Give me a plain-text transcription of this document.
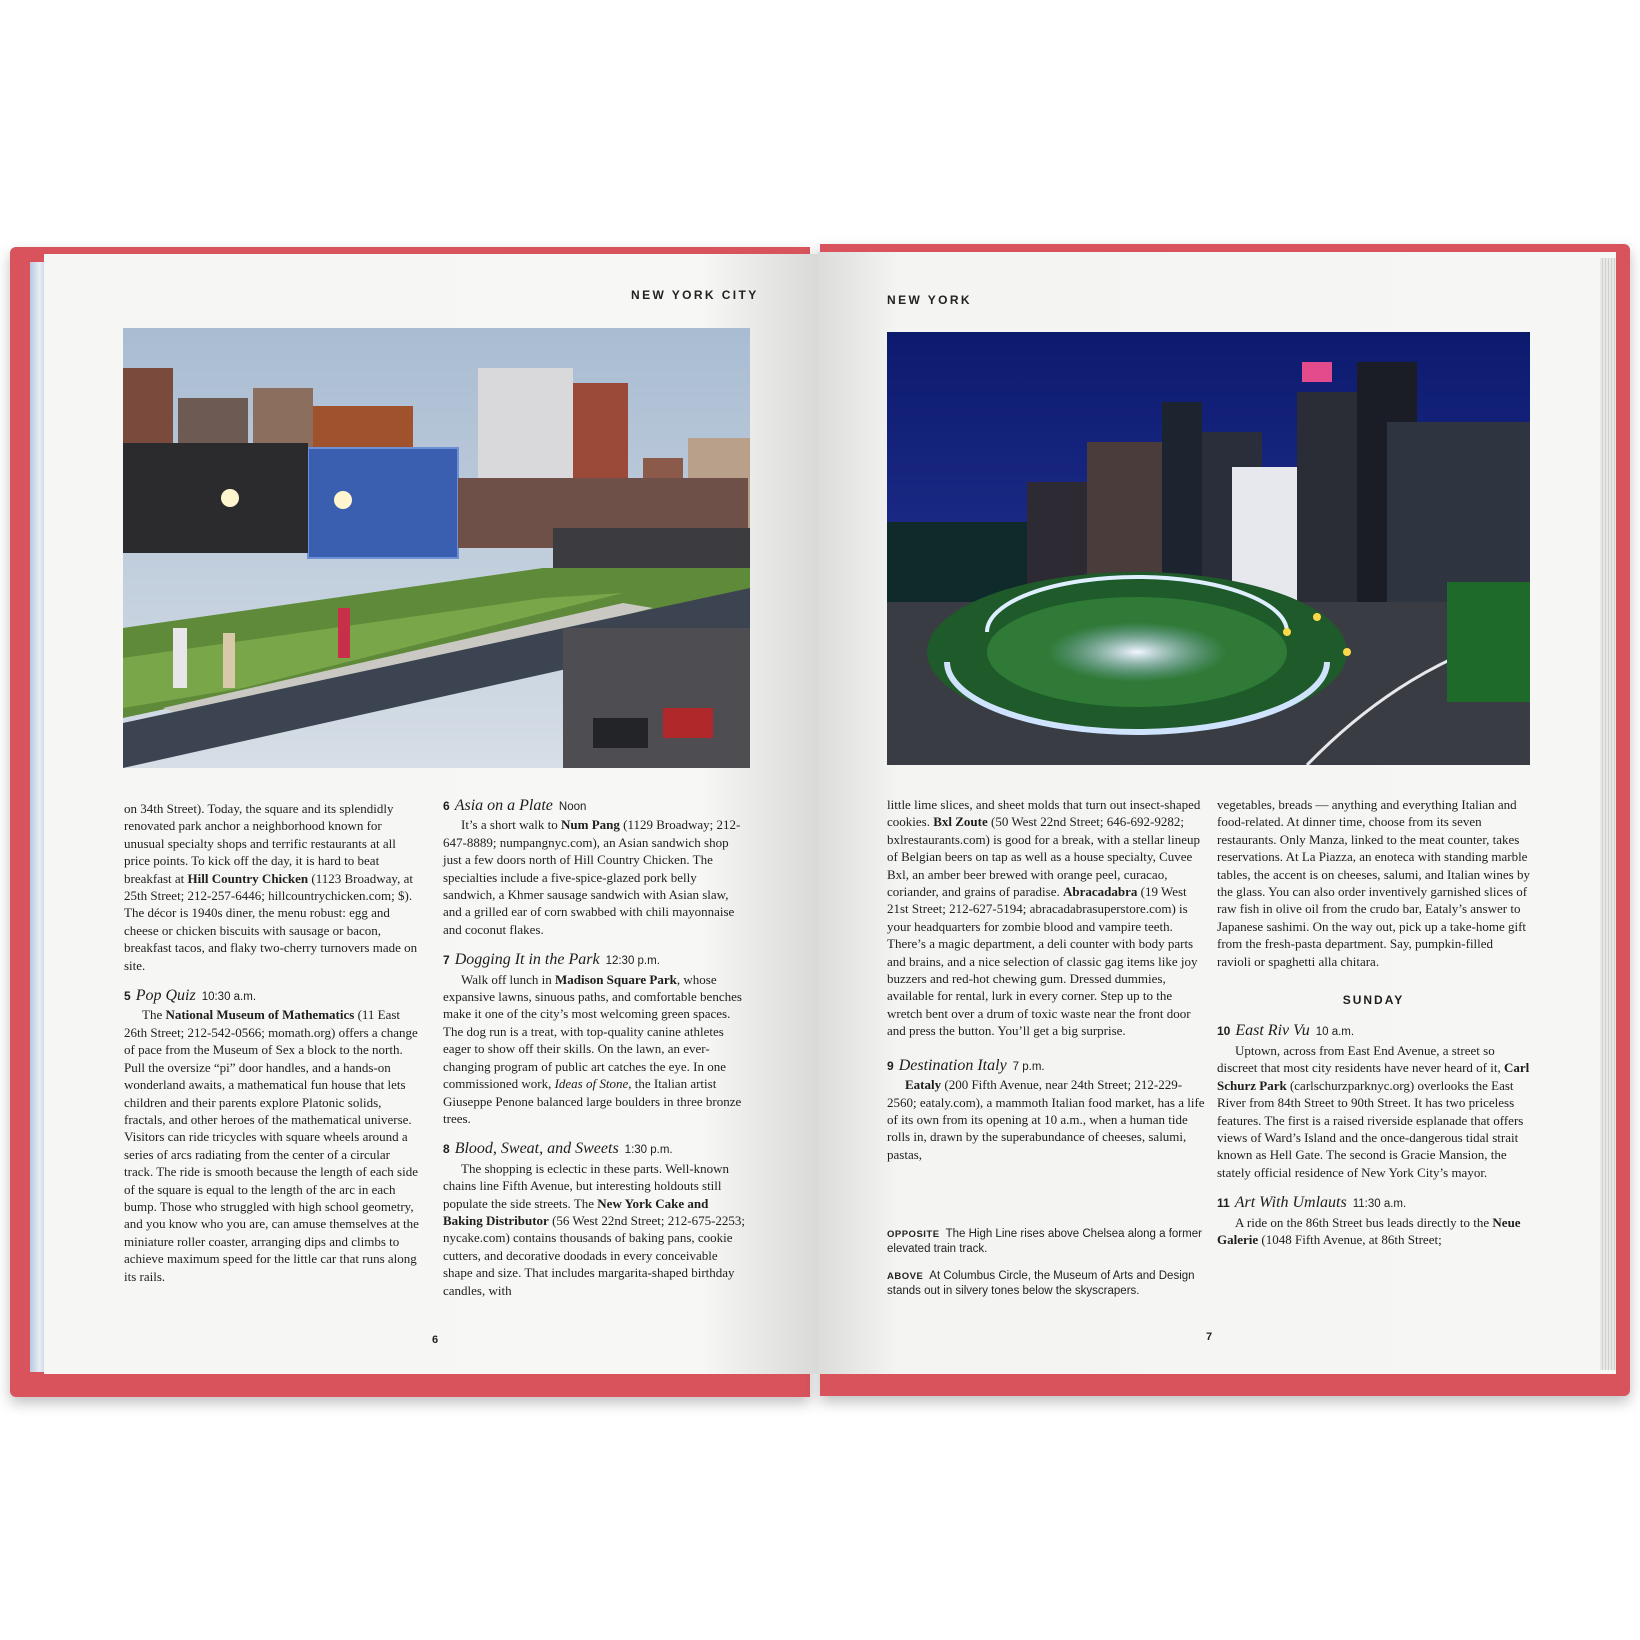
NEW YORK CITY

on 34th Street). Today, the square and its splendidly renovated park anchor a neighborhood known for unusual specialty shops and terrific restaurants at all price points. To kick off the day, it is hard to beat breakfast at Hill Country Chicken (1123 Broadway, at 25th Street; 212-257-6446; hillcountrychicken.com; $). The décor is 1940s diner, the menu robust: egg and cheese or chicken biscuits with sausage or bacon, breakfast tacos, and flaky two-cherry turnovers made on site.

5 Pop Quiz 10:30 a.m.

The National Museum of Mathematics (11 East 26th Street; 212-542-0566; momath.org) offers a change of pace from the Museum of Sex a block to the north. Pull the oversize “pi” door handles, and a hands-on wonderland awaits, a mathematical fun house that lets children and their parents explore Platonic solids, fractals, and other heroes of the mathematical universe. Visitors can ride tricycles with square wheels around a series of arcs radiating from the center of a circular track. The ride is smooth because the length of each side of the square is equal to the length of the arc in each bump. Those who struggled with high school geometry, and you know who you are, can amuse themselves at the miniature roller coaster, arranging dips and climbs to achieve maximum speed for the little car that runs along its rails.

6 Asia on a Plate Noon

It’s a short walk to Num Pang (1129 Broadway; 212-647-8889; numpangnyc.com), an Asian sandwich shop just a few doors north of Hill Country Chicken. The specialties include a five-spice-glazed pork belly sandwich, a Khmer sausage sandwich with Asian slaw, and a grilled ear of corn swabbed with chili mayonnaise and coconut flakes.

7 Dogging It in the Park 12:30 p.m.

Walk off lunch in Madison Square Park, whose expansive lawns, sinuous paths, and comfortable benches make it one of the city’s most welcoming green spaces. The dog run is a treat, with top-quality canine athletes eager to show off their skills. On the lawn, an ever-changing program of public art catches the eye. In one commissioned work, Ideas of Stone, the Italian artist Giuseppe Penone balanced large boulders in three bronze trees.

8 Blood, Sweat, and Sweets 1:30 p.m.

The shopping is eclectic in these parts. Well-known chains line Fifth Avenue, but interesting holdouts still populate the side streets. The New York Cake and Baking Distributor (56 West 22nd Street; 212-675-2253; nycake.com) contains thousands of baking pans, cookie cutters, and decorative doodads in every conceivable shape and size. That includes margarita-shaped birthday candles, with

6
NEW YORK

little lime slices, and sheet molds that turn out insect-shaped cookies. Bxl Zoute (50 West 22nd Street; 646-692-9282; bxlrestaurants.com) is good for a break, with a stellar lineup of Belgian beers on tap as well as a house specialty, Cuvee Bxl, an amber beer brewed with orange peel, curacao, coriander, and grains of paradise. Abracadabra (19 West 21st Street; 212-627-5194; abracadabrasuperstore.com) is your headquarters for zombie blood and vampire teeth. There’s a magic department, a deli counter with body parts and brains, and a nice selection of classic gag items like joy buzzers and red-hot chewing gum. Dressed dummies, available for rental, lurk in every corner. Step up to the wretch bent over a drum of toxic waste near the front door and press the button. You’ll get a big surprise.

9 Destination Italy 7 p.m.

Eataly (200 Fifth Avenue, near 24th Street; 212-229-2560; eataly.com), a mammoth Italian food market, has a life of its own from its opening at 10 a.m., when a human tide rolls in, drawn by the superabundance of cheeses, salumi, pastas,

OPPOSITE The High Line rises above Chelsea along a former elevated train track.

ABOVE At Columbus Circle, the Museum of Arts and Design stands out in silvery tones below the skyscrapers.

vegetables, breads — anything and everything Italian and food-related. At dinner time, choose from its seven restaurants. Only Manza, linked to the meat counter, takes reservations. At La Piazza, an enoteca with standing marble tables, the accent is on cheeses, salumi, and Italian wines by the glass. You can also order inventively garnished slices of raw fish in olive oil from the crudo bar, Eataly’s answer to Japanese sashimi. On the way out, pick up a take-home gift from the fresh-pasta department. Say, pumpkin-filled ravioli or spaghetti alla chitara.

SUNDAY

10 East Riv Vu 10 a.m.

Uptown, across from East End Avenue, a street so discreet that most city residents have never heard of it, Carl Schurz Park (carlschurzparknyc.org) overlooks the East River from 84th Street to 90th Street. It has two priceless features. The first is a raised riverside esplanade that offers views of Ward’s Island and the once-dangerous tidal strait known as Hell Gate. The second is Gracie Mansion, the stately official residence of New York City’s mayor.

11 Art With Umlauts 11:30 a.m.

A ride on the 86th Street bus leads directly to the Neue Galerie (1048 Fifth Avenue, at 86th Street;

7
